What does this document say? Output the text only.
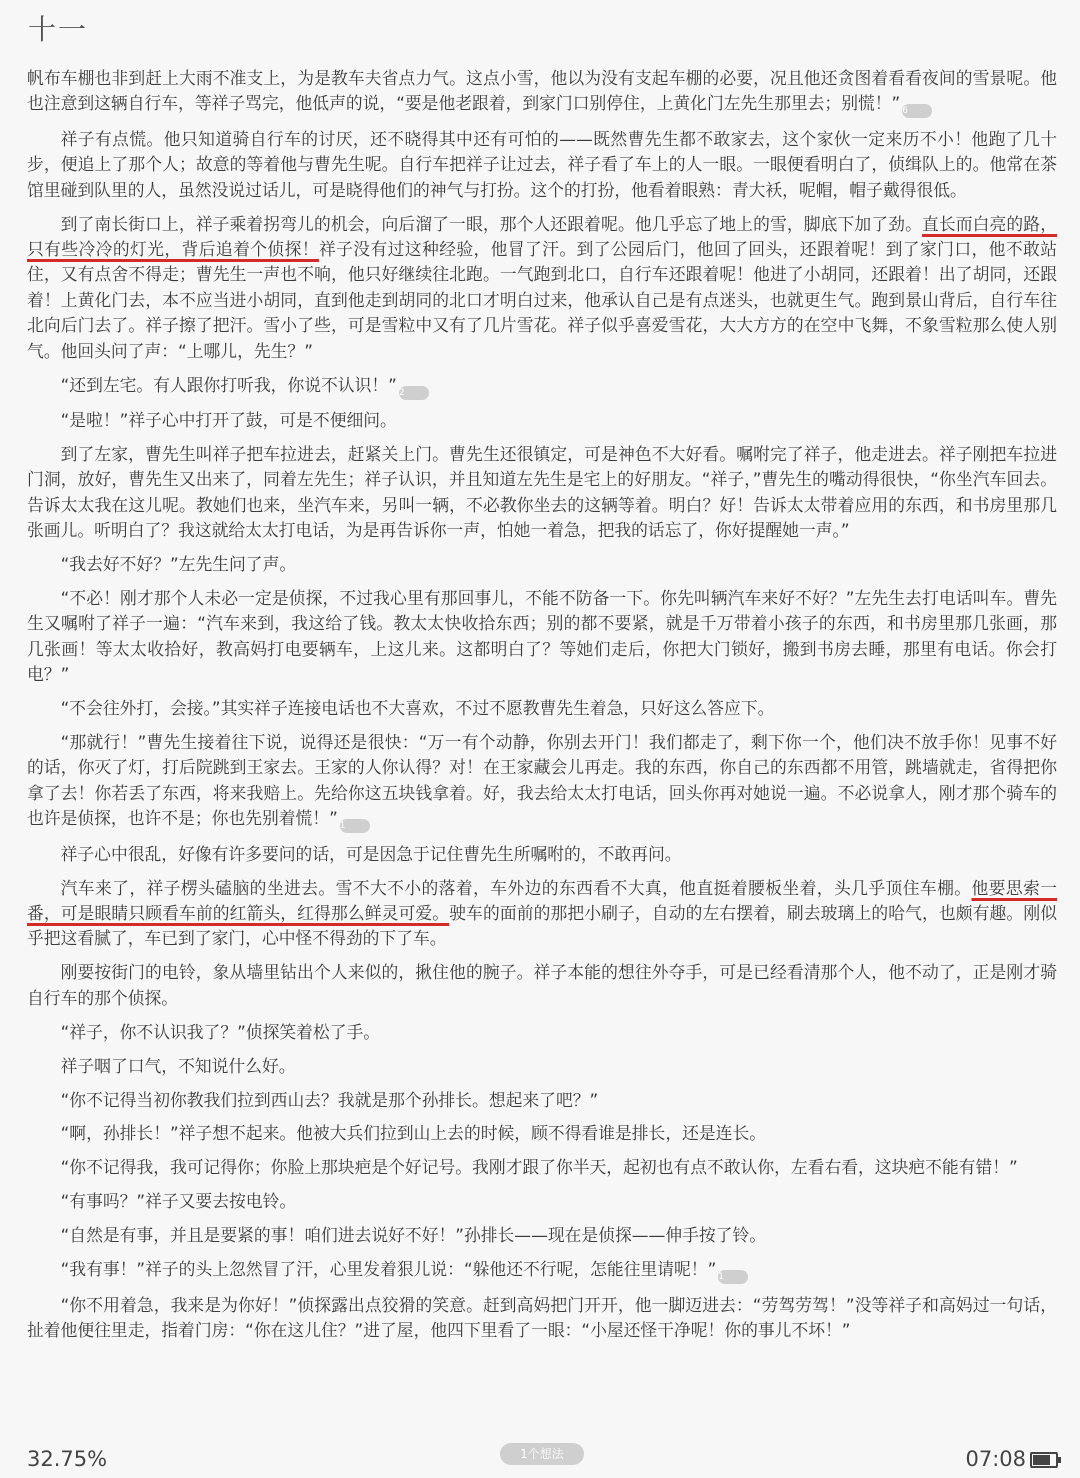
十一

帆布车棚也非到赶上大雨不准支上，为是教车夫省点力气。这点小雪，他以为没有支起车棚的必要，况且他还贪图着看看夜间的雪景呢。他也注意到这辆自行车，等祥子骂完，他低声的说，“要是他老跟着，到家门口别停住，上黄化门左先生那里去；别慌！” 6

祥子有点慌。他只知道骑自行车的讨厌，还不晓得其中还有可怕的——既然曹先生都不敢家去，这个家伙一定来历不小！他跑了几十步，便追上了那个人；故意的等着他与曹先生呢。自行车把祥子让过去，祥子看了车上的人一眼。一眼便看明白了，侦缉队上的。他常在茶馆里碰到队里的人，虽然没说过话儿，可是晓得他们的神气与打扮。这个的打扮，他看着眼熟：青大袄，呢帽，帽子戴得很低。

到了南长街口上，祥子乘着拐弯儿的机会，向后溜了一眼，那个人还跟着呢。他几乎忘了地上的雪，脚底下加了劲。直长而白亮的路，只有些冷冷的灯光，背后追着个侦探！祥子没有过这种经验，他冒了汗。到了公园后门，他回了回头，还跟着呢！到了家门口，他不敢站住，又有点舍不得走；曹先生一声也不响，他只好继续往北跑。一气跑到北口，自行车还跟着呢！他进了小胡同，还跟着！出了胡同，还跟着！上黄化门去，本不应当进小胡同，直到他走到胡同的北口才明白过来，他承认自己是有点迷头，也就更生气。跑到景山背后，自行车往北向后门去了。祥子擦了把汗。雪小了些，可是雪粒中又有了几片雪花。祥子似乎喜爱雪花，大大方方的在空中飞舞，不象雪粒那么使人别气。他回头问了声：“上哪儿，先生？”

“还到左宅。有人跟你打听我，你说不认识！” 2

“是啦！”祥子心中打开了鼓，可是不便细问。

到了左家，曹先生叫祥子把车拉进去，赶紧关上门。曹先生还很镇定，可是神色不大好看。嘱咐完了祥子，他走进去。祥子刚把车拉进门洞，放好，曹先生又出来了，同着左先生；祥子认识，并且知道左先生是宅上的好朋友。“祥子，”曹先生的嘴动得很快，“你坐汽车回去。告诉太太我在这儿呢。教她们也来，坐汽车来，另叫一辆，不必教你坐去的这辆等着。明白？好！告诉太太带着应用的东西，和书房里那几张画儿。听明白了？我这就给太太打电话，为是再告诉你一声，怕她一着急，把我的话忘了，你好提醒她一声。”

“我去好不好？”左先生问了声。

“不必！刚才那个人未必一定是侦探，不过我心里有那回事儿，不能不防备一下。你先叫辆汽车来好不好？”左先生去打电话叫车。曹先生又嘱咐了祥子一遍：“汽车来到，我这给了钱。教太太快收拾东西；别的都不要紧，就是千万带着小孩子的东西，和书房里那几张画，那几张画！等太太收拾好，教高妈打电要辆车，上这儿来。这都明白了？等她们走后，你把大门锁好，搬到书房去睡，那里有电话。你会打电？”

“不会往外打，会接。”其实祥子连接电话也不大喜欢，不过不愿教曹先生着急，只好这么答应下。

“那就行！”曹先生接着往下说，说得还是很快：“万一有个动静，你别去开门！我们都走了，剩下你一个，他们决不放手你！见事不好的话，你灭了灯，打后院跳到王家去。王家的人你认得？对！在王家藏会儿再走。我的东西，你自己的东西都不用管，跳墙就走，省得把你拿了去！你若丢了东西，将来我赔上。先给你这五块钱拿着。好，我去给太太打电话，回头你再对她说一遍。不必说拿人，刚才那个骑车的也许是侦探，也许不是；你也先别着慌！” 1

祥子心中很乱，好像有许多要问的话，可是因急于记住曹先生所嘱咐的，不敢再问。

汽车来了，祥子楞头磕脑的坐进去。雪不大不小的落着，车外边的东西看不大真，他直挺着腰板坐着，头几乎顶住车棚。他要思索一番，可是眼睛只顾看车前的红箭头，红得那么鲜灵可爱。驶车的面前的那把小刷子，自动的左右摆着，刷去玻璃上的哈气，也颇有趣。刚似乎把这看腻了，车已到了家门，心中怪不得劲的下了车。

刚要按街门的电铃，象从墙里钻出个人来似的，揪住他的腕子。祥子本能的想往外夺手，可是已经看清那个人，他不动了，正是刚才骑自行车的那个侦探。

“祥子，你不认识我了？”侦探笑着松了手。

祥子咽了口气，不知说什么好。

“你不记得当初你教我们拉到西山去？我就是那个孙排长。想起来了吧？”

“啊，孙排长！”祥子想不起来。他被大兵们拉到山上去的时候，顾不得看谁是排长，还是连长。

“你不记得我，我可记得你；你脸上那块疤是个好记号。我刚才跟了你半天，起初也有点不敢认你，左看右看，这块疤不能有错！”

“有事吗？”祥子又要去按电铃。

“自然是有事，并且是要紧的事！咱们进去说好不好！”孙排长——现在是侦探——伸手按了铃。

“我有事！”祥子的头上忽然冒了汗，心里发着狠儿说：“躲他还不行呢，怎能往里请呢！” 1

“你不用着急，我来是为你好！”侦探露出点狡猾的笑意。赶到高妈把门开开，他一脚迈进去：“劳驾劳驾！”没等祥子和高妈过一句话，扯着他便往里走，指着门房：“你在这儿住？”进了屋，他四下里看了一眼：“小屋还怪干净呢！你的事儿不坏！”

32.75%	1个想法	07:08
